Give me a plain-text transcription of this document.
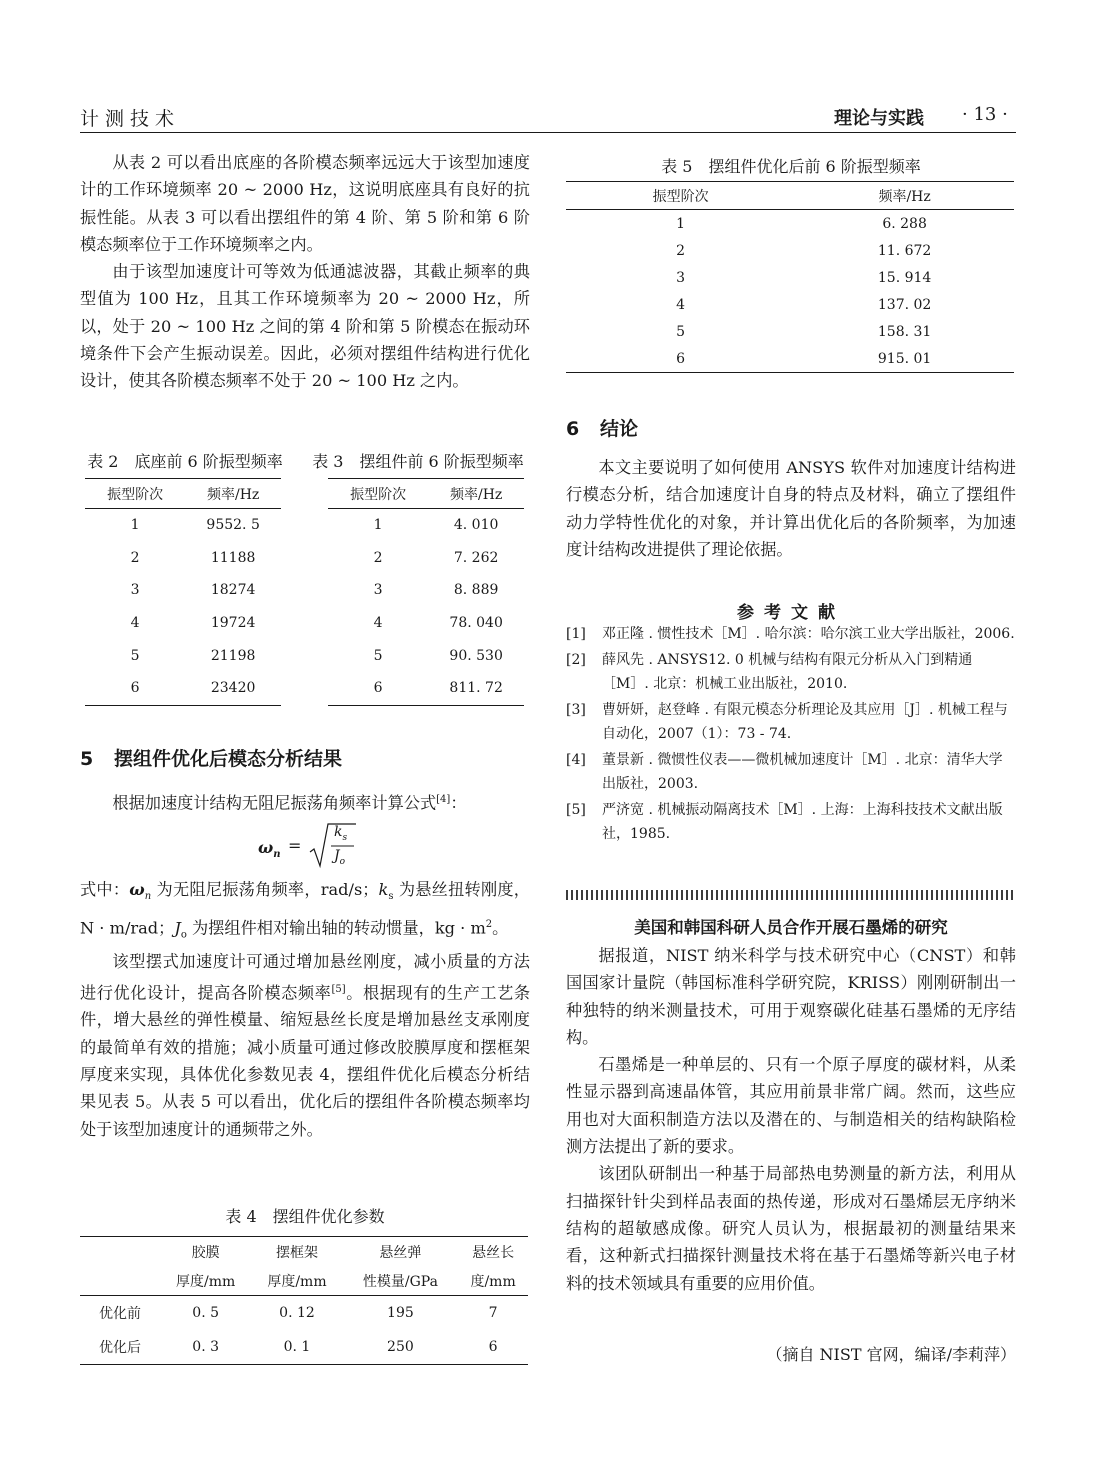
计测技术	理论与实践 · 13 ·

从表 2 可以看出底座的各阶模态频率远远大于该型加速度计的工作环境频率 20 ~ 2000 Hz，这说明底座具有良好的抗振性能。从表 3 可以看出摆组件的第 4 阶、第 5 阶和第 6 阶模态频率位于工作环境频率之内。

由于该型加速度计可等效为低通滤波器，其截止频率的典型值为 100 Hz，且其工作环境频率为 20 ~ 2000 Hz，所以，处于 20 ~ 100 Hz 之间的第 4 阶和第 5 阶模态在振动环境条件下会产生振动误差。因此，必须对摆组件结构进行优化设计，使其各阶模态频率不处于 20 ~ 100 Hz 之内。

表 2　底座前 6 阶振型频率
振型阶次	频率/Hz
1	9552. 5
2	11188
3	18274
4	19724
5	21198
6	23420
表 3　摆组件前 6 阶振型频率
振型阶次	频率/Hz
1	4. 010
2	7. 262
3	8. 889
4	78. 040
5	90. 530
6	811. 72
5 摆组件优化后模态分析结果

根据加速度计结构无阻尼振荡角频率计算公式[4]：

$\omega_n$ =
$k_s$
$J_o$

式中：$\omega_n$ 为无阻尼振荡角频率，rad/s；$k_s$ 为悬丝扭转刚度，N · m/rad；$J_o$ 为摆组件相对输出轴的转动惯量，kg · $m^2$。

该型摆式加速度计可通过增加悬丝刚度，减小质量的方法进行优化设计，提高各阶模态频率[5]。根据现有的生产工艺条件，增大悬丝的弹性模量、缩短悬丝长度是增加悬丝支承刚度的最简单有效的措施；减小质量可通过修改胶膜厚度和摆框架厚度来实现，具体优化参数见表 4，摆组件优化后模态分析结果见表 5。从表 5 可以看出，优化后的摆组件各阶模态频率均处于该型加速度计的通频带之外。

表 4　摆组件优化参数
	胶膜	摆框架	悬丝弹	悬丝长
	厚度/mm	厚度/mm	性模量/GPa	度/mm
优化前	0. 5	0. 12	195	7
优化后	0. 3	0. 1	250	6
表 5　摆组件优化后前 6 阶振型频率
振型阶次	频率/Hz
1	6. 288
2	11. 672
3	15. 914
4	137. 02
5	158. 31
6	915. 01
6 结论

本文主要说明了如何使用 ANSYS 软件对加速度计结构进行模态分析，结合加速度计自身的特点及材料，确立了摆组件动力学特性优化的对象，并计算出优化后的各阶频率，为加速度计结构改进提供了理论依据。

参考文献
[1]	邓正隆 . 惯性技术［M］. 哈尔滨：哈尔滨工业大学出版社，2006.
[2]	薛风先 . ANSYS12. 0 机械与结构有限元分析从入门到精通［M］. 北京：机械工业出版社，2010.
[3]	曹妍妍，赵登峰 . 有限元模态分析理论及其应用［J］. 机械工程与自动化，2007（1）：73 - 74.
[4]	董景新 . 微惯性仪表——微机械加速度计［M］. 北京：清华大学出版社，2003.
[5]	严济宽 . 机械振动隔离技术［M］. 上海：上海科技技术文献出版社，1985.
美国和韩国科研人员合作开展石墨烯的研究

据报道，NIST 纳米科学与技术研究中心（CNST）和韩国国家计量院（韩国标准科学研究院，KRISS）刚刚研制出一种独特的纳米测量技术，可用于观察碳化硅基石墨烯的无序结构。

石墨烯是一种单层的、只有一个原子厚度的碳材料，从柔性显示器到高速晶体管，其应用前景非常广阔。然而，这些应用也对大面积制造方法以及潜在的、与制造相关的结构缺陷检测方法提出了新的要求。

该团队研制出一种基于局部热电势测量的新方法，利用从扫描探针针尖到样品表面的热传递，形成对石墨烯层无序纳米结构的超敏感成像。研究人员认为，根据最初的测量结果来看，这种新式扫描探针测量技术将在基于石墨烯等新兴电子材料的技术领域具有重要的应用价值。

（摘自 NIST 官网，编译/李莉萍）
